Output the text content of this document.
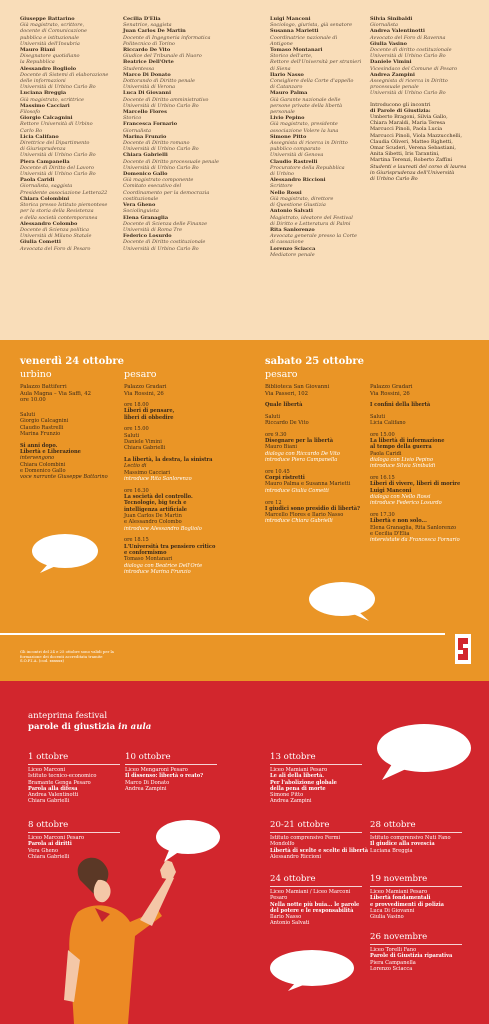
Giuseppe Battarino
Già magistrato, scrittore,
docente di Comunicazione
pubblica e istituzionale
Università dell'Insubria
Mauro Biani
Disegnatore quotidiano
la Repubblica
Alessandro Bogliolo
Docente di Sistemi di elaborazione
delle informazioni
Università di Urbino Carlo Bo
Luciana Breggia
Già magistrato, scrittrice
Massimo Cacciari
Filosofo
Giorgio Calcagnini
Rettore Università di Urbino
Carlo Bo
Licia Califano
Direttrice del Dipartimento
di Giurisprudenza
Università di Urbino Carlo Bo
Piera Campanella
Docente di Diritto del Lavoro
Università di Urbino Carlo Bo
Paola Caridi
Giornalista, saggista
Presidente associazione Lettera22
Chiara Colombini
Storica presso Istituto piemontese
per la storia della Resistenza
e della società contemporanea
Alessandro Colombo
Docente di Scienza politica
Università di Milano Statale
Giulia Cometti
Avvocata del Foro di Pesaro
Cecilia D'Elia
Senatrice, saggista
Juan Carlos De Martin
Docente di Ingegneria informatica
Politecnico di Torino
Riccardo De Vito
Giudice del Tribunale di Nuoro
Beatrice Dell'Orte
Studentessa
Marco Di Donato
Dottorando di Diritto penale
Università di Verona
Luca Di Giovanni
Docente di Diritto amministrativo
Università di Urbino Carlo Bo
Marcello Flores
Storico
Francesca Fornario
Giornalista
Marina Frunzio
Docente di Diritto romano
Università di Urbino Carlo Bo
Chiara Gabrielli
Docente di Diritto processuale penale
Università di Urbino Carlo Bo
Domenico Gallo
Già magistrato componente
Comitato esecutivo del
Coordinamento per la democrazia
costituzionale
Vera Gheno
Sociolinguista
Elena Granaglia
Docente di Scienza delle Finanze
Università di Roma Tre
Federico Losurdo
Docente di Diritto costituzionale
Università di Urbino Carlo Bo
Luigi Manconi
Sociologo, giurista, già senatore
Susanna Marietti
Coordinatrice nazionale di
Antigone
Tomaso Montanari
Storico dell'arte,
Rettore dell'Università per stranieri
di Siena
Ilario Nasso
Consigliere della Corte d'appello
di Catanzaro
Mauro Palma
Già Garante nazionale delle
persone private della libertà
personale
Livio Pepino
Già magistrato, presidente
associazione Volere la luna
Simone Pitto
Assegnista di ricerca in Diritto
pubblico comparato
Università di Genova
Claudio Rastrelli
Procuratore della Repubblica
di Urbino
Alessandro Riccioni
Scrittore
Nello Rossi
Già magistrato, direttore
di Questione Giustizia
Antonio Salvati
Magistrato, ideatore del Festival
di Diritto e Letteratura di Palmi
Rita Sanlorenzo
Avvocata generale presso la Corte
di cassazione
Lorenzo Sciacca
Mediatore penale
Silvia Sinibaldi
Giornalista
Andrea Valentinotti
Avvocato del Foro di Ravenna
Giulia Vasino
Docente di diritto costituzionale
Università di Urbino Carlo Bo
Daniele Vimini
Vicesindaco del Comune di Pesaro
Andrea Zampini
Assegnista di ricerca in Diritto
processuale penale
Università di Urbino Carlo Bo
Introducono gli incontri
di Parole di Giustizia:
Umberto Bragoni, Silvia Gallo,
Chiara Maraldi, Maria Teresa
Marcucci Pinoli, Paola Lucia
Marcucci Pinoli, Viola Mazzucchelli,
Claudia Oliveri, Matteo Righetti,
Omar Scuderi, Verena Sebastiani,
Anita Sibetti, Iris Tarantini,
Martina Terenzi, Roberto Zaffini
Studenti e laureati del corso di laurea
in Giurisprudenza dell'Università
di Urbino Carlo Bo
venerdì 24 ottobre
urbino
Palazzo Battiferri
Aula Magna – Via Saffi, 42
ore 10.00
Saluti
Giorgio Calcagnini
Claudio Rastrelli
Marina Frunzio
Si anni dopo.
Libertà e Liberazione
intervengono
Chiara Colombini
e Domenico Gallo
voce narrante Giuseppe Battarino
pesaro
Palazzo Gradari
Via Rossini, 26
ore 18.00
Liberi di pensare,
liberi di obbedire
ore 15.00
Saluti
Daniele Vimini
Chiara Gabrielli
La libertà, la destra, la sinistra
Lectio di
Massimo Cacciari
introduce Rita Sanlorenzo
ore 16.30
La società del controllo.
Tecnologie, big tech e
intelligenza artificiale
Juan Carlos De Martin
e Alessandro Colombo
introduce Alessandro Bogliolo
ore 18.15
L'Università tra pensiero critico
e conformismo
Tomaso Montanari
dialoga con Beatrice Dell'Orte
introduce Marina Frunzio
sabato 25 ottobre
pesaro
Biblioteca San Giovanni
Via Passeri, 102
Quale libertà
Saluti
Riccardo De Vito
ore 9.30
Disegnare per la libertà
Mauro Biani
dialoga con Riccardo De Vito
introduce Piera Campanella
ore 10.45
Corpi ristretti
Mauro Palma e Susanna Marietti
introduce Giulia Cometti
ore 12
I giudici sono presidio di libertà?
Marcello Flores e Ilario Nasso
introduce Chiara Gabrielli
Palazzo Gradari
Via Rossini, 26
I confini della libertà
Saluti
Licia Califano
ore 15.00
La libertà di informazione
al tempo della guerra
Paola Caridi
dialoga con Livio Pepino
introduce Silvia Sinibaldi
ore 16.15
Liberi di vivere, liberi di morire
Luigi Manconi
dialoga con Nello Rossi
introduce Federico Losurdo
ore 17.30
Libertà e non solo...
Elena Granaglia, Rita Sanlorenzo
e Cecilia D'Elia
intervistate da Francesca Fornario
Gli incontri del 24 e 25 ottobre sono validi per la formazione dei docenti accreditata tramite S.O.F.I.A. (cod. xxxxxx)
anteprima festival
parole di giustizia in aula
1 ottobre
Liceo Marconi
Istituto tecnico-economico
Bramante Genga Pesaro
Parola alla difesa
Andrea Valentinotti
Chiara Gabrielli
8 ottobre
Liceo Marconi Pesaro
Parola ai diritti
Vera Gheno
Chiara Gabrielli
10 ottobre
Liceo Mengaroni Pesaro
Il dissenso: libertà o reato?
Marco Di Donato
Andrea Zampini
13 ottobre
Liceo Mamiani Pesaro
Le ali della libertà.
Per l'abolizione globale
della pena di morte
Simone Pitto
Andrea Zampini
20-21 ottobre
Istituto comprensivo Fermi
Mondolfo
Libertà di scelte e scelte di libertà
Alessandro Riccioni
28 ottobre
Istituto comprensivo Nuti Fano
Il giudice alla rovescia
Luciana Breggia
24 ottobre
Liceo Mamiani / Liceo Marconi
Pesaro
Nella notte più buia... le parole
del potere e le responsabilità
Ilario Nasso
Antonio Salvati
19 novembre
Liceo Mamiani Pesaro
Libertà fondamentali
e provvedimenti di polizia
Luca Di Giovanni
Giulia Vasino
26 novembre
Liceo Torelli Fano
Parole di Giustizia riparativa
Piera Campanella
Lorenzo Sciacca
